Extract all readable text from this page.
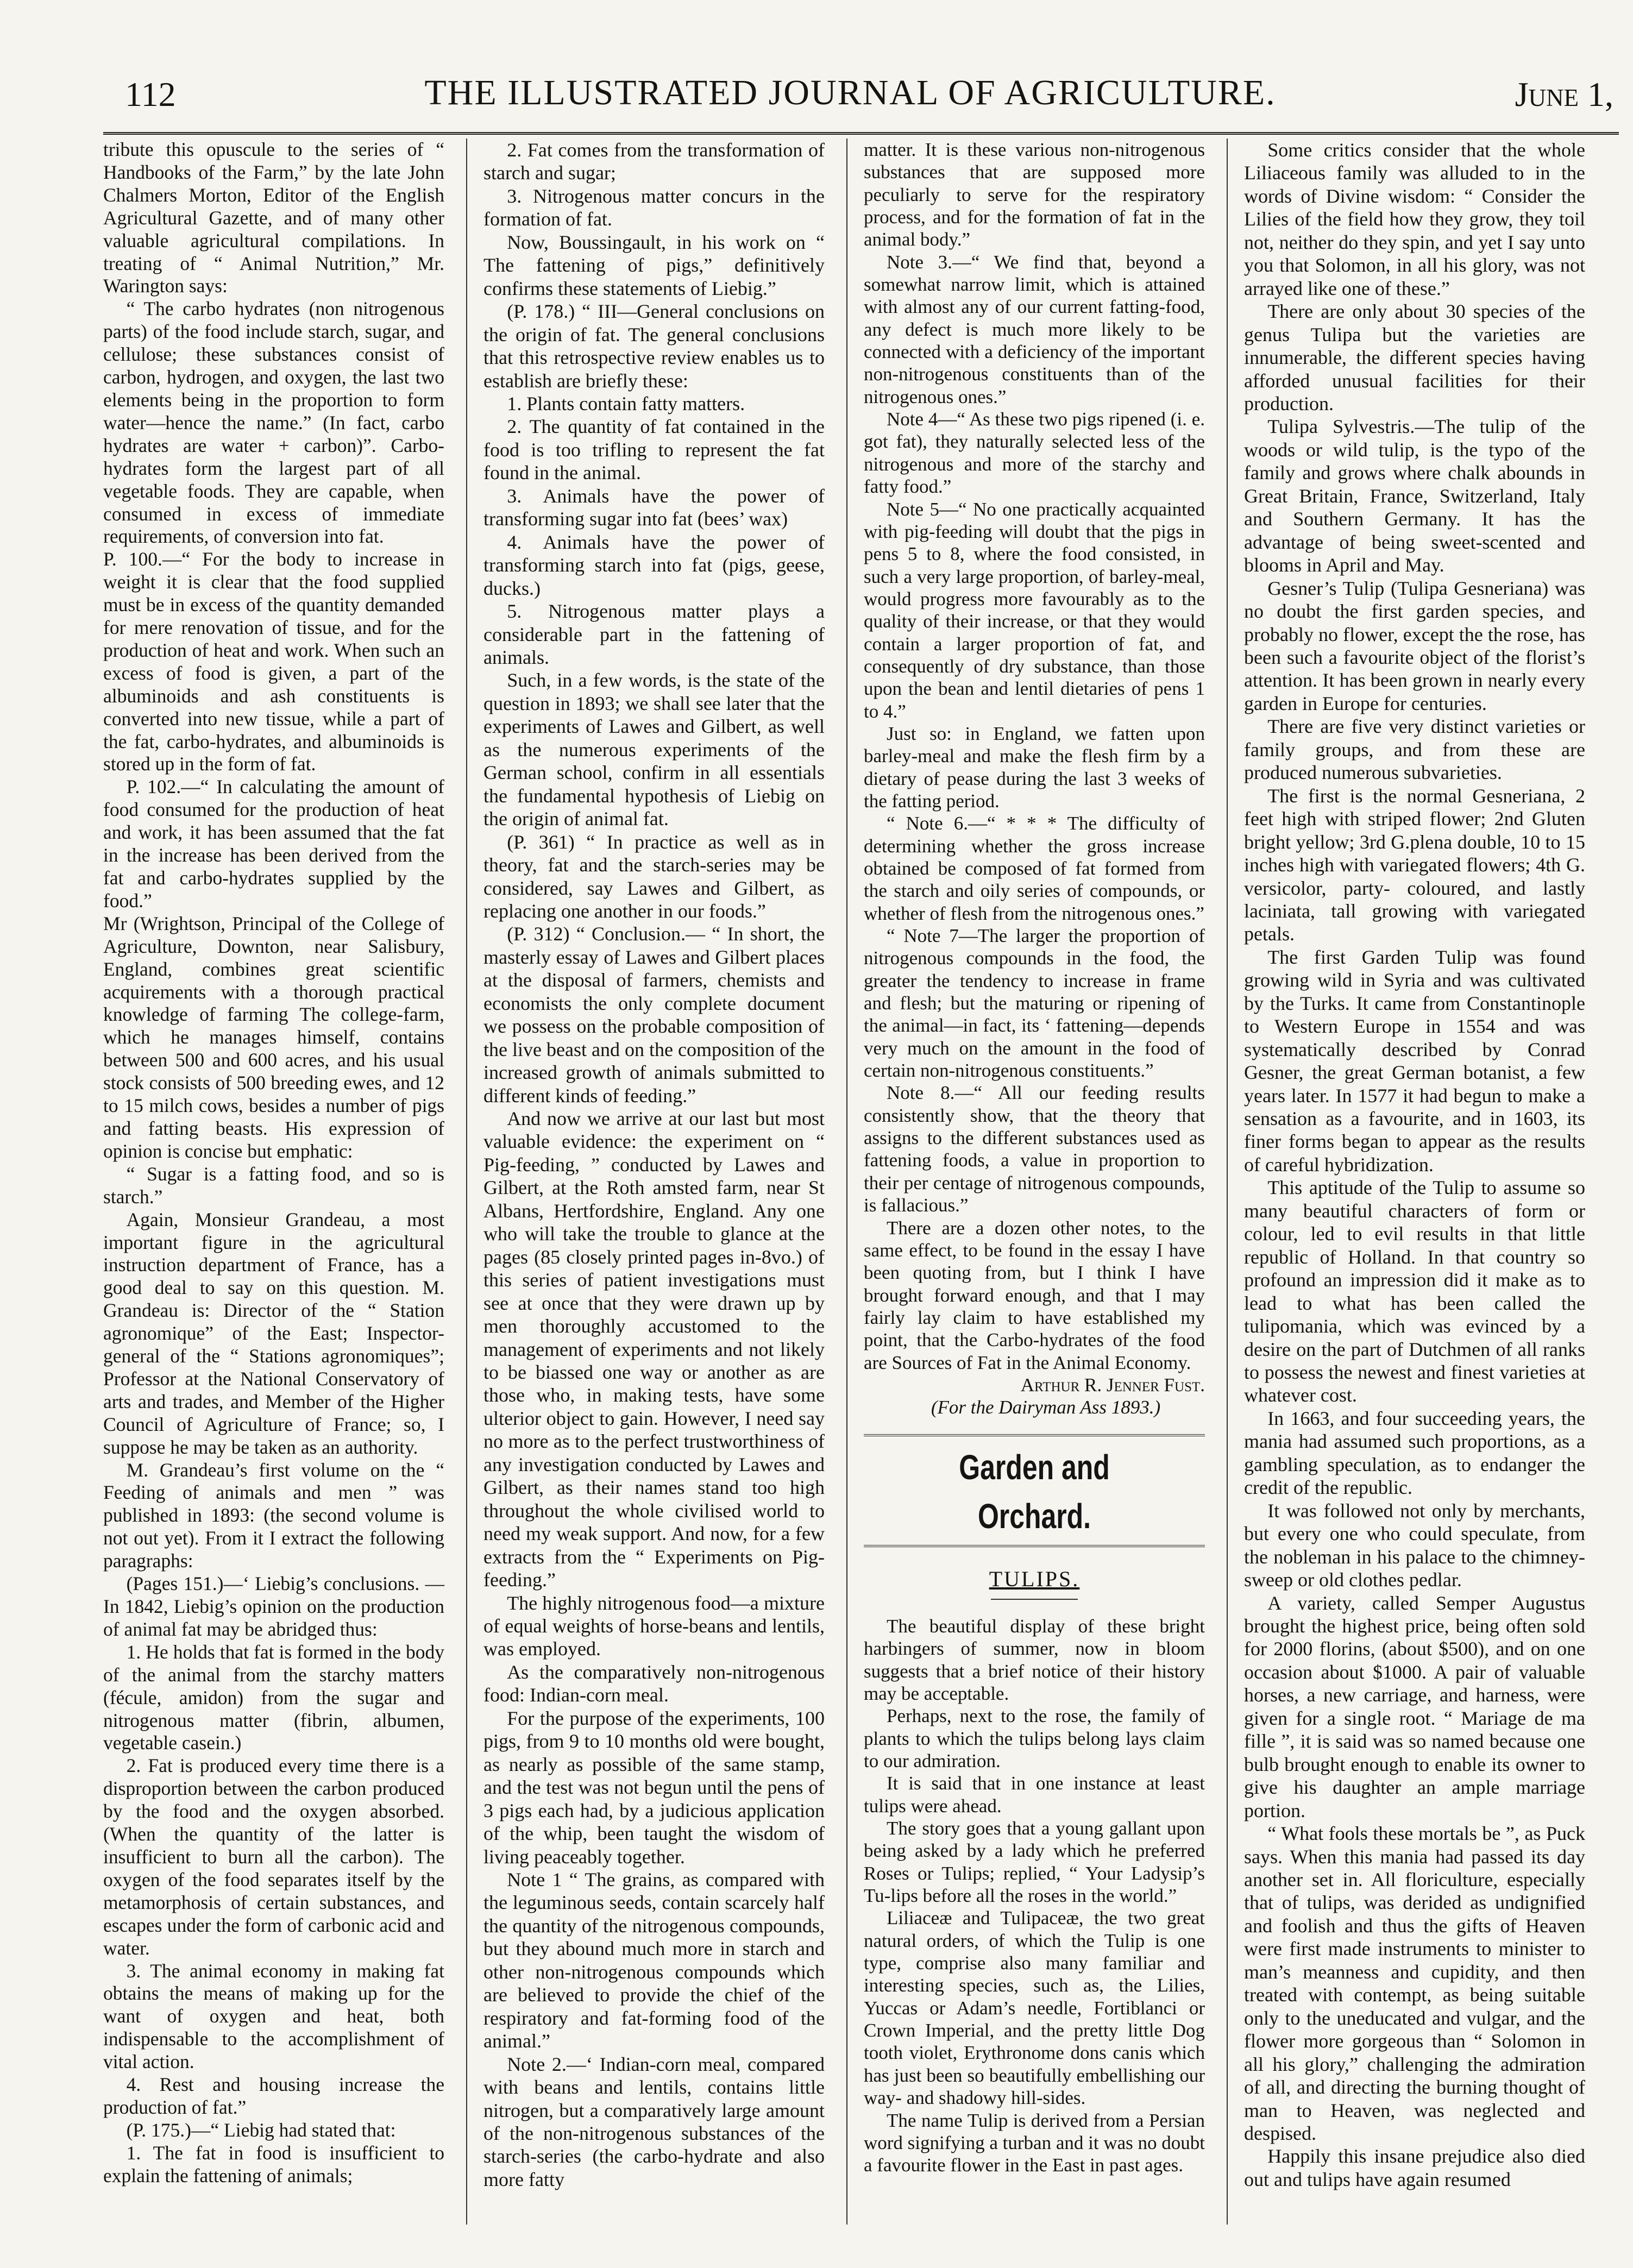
112	THE ILLUSTRATED JOURNAL OF AGRICULTURE.	June 1,

tribute this opuscule to the series of “ Handbooks of the Farm,” by the late John Chalmers Morton, Editor of the English Agricultural Gazette, and of many other valuable agricultural compilations. In treating of “ Animal Nutrition,” Mr. Warington says:

“ The carbo hydrates (non nitrogenous parts) of the food include starch, sugar, and cellulose; these substances consist of carbon, hydrogen, and oxygen, the last two elements being in the proportion to form water—hence the name.” (In fact, carbo hydrates are water + carbon)”. Carbo-hydrates form the largest part of all vegetable foods. They are capable, when consumed in excess of immediate requirements, of conversion into fat.

P. 100.—“ For the body to increase in weight it is clear that the food supplied must be in excess of the quantity demanded for mere renovation of tissue, and for the production of heat and work. When such an excess of food is given, a part of the albuminoids and ash constituents is converted into new tissue, while a part of the fat, carbo-hydrates, and albuminoids is stored up in the form of fat.

P. 102.—“ In calculating the amount of food consumed for the production of heat and work, it has been assumed that the fat in the increase has been derived from the fat and carbo-hydrates supplied by the food.”

Mr (Wrightson, Principal of the College of Agriculture, Downton, near Salisbury, England, combines great scientific acquirements with a thorough practical knowledge of farming The college-farm, which he manages himself, contains between 500 and 600 acres, and his usual stock consists of 500 breeding ewes, and 12 to 15 milch cows, besides a number of pigs and fatting beasts. His expression of opinion is concise but emphatic:

“ Sugar is a fatting food, and so is starch.”

Again, Monsieur Grandeau, a most important figure in the agricultural instruction department of France, has a good deal to say on this question. M. Grandeau is: Director of the “ Station agronomique” of the East; Inspector-general of the “ Stations agronomiques”; Professor at the National Conservatory of arts and trades, and Member of the Higher Council of Agriculture of France; so, I suppose he may be taken as an authority.

M. Grandeau’s first volume on the “ Feeding of animals and men ” was published in 1893: (the second volume is not out yet). From it I extract the following paragraphs:

(Pages 151.)—‘ Liebig’s conclusions. —In 1842, Liebig’s opinion on the production of animal fat may be abridged thus:

1. He holds that fat is formed in the body of the animal from the starchy matters (fécule, amidon) from the sugar and nitrogenous matter (fibrin, albumen, vegetable casein.)

2. Fat is produced every time there is a disproportion between the carbon produced by the food and the oxygen absorbed. (When the quantity of the latter is insufficient to burn all the carbon). The oxygen of the food separates itself by the metamorphosis of certain substances, and escapes under the form of carbonic acid and water.

3. The animal economy in making fat obtains the means of making up for the want of oxygen and heat, both indispensable to the accomplishment of vital action.

4. Rest and housing increase the production of fat.”

(P. 175.)—“ Liebig had stated that:

1. The fat in food is insufficient to explain the fattening of animals;

2. Fat comes from the transformation of starch and sugar;

3. Nitrogenous matter concurs in the formation of fat.

Now, Boussingault, in his work on “ The fattening of pigs,” definitively confirms these statements of Liebig.”

(P. 178.) “ III—General conclusions on the origin of fat. The general conclusions that this retrospective review enables us to establish are briefly these:

1. Plants contain fatty matters.

2. The quantity of fat contained in the food is too trifling to represent the fat found in the animal.

3. Animals have the power of transforming sugar into fat (bees’ wax)

4. Animals have the power of transforming starch into fat (pigs, geese, ducks.)

5. Nitrogenous matter plays a considerable part in the fattening of animals.

Such, in a few words, is the state of the question in 1893; we shall see later that the experiments of Lawes and Gilbert, as well as the numerous experiments of the German school, confirm in all essentials the fundamental hypothesis of Liebig on the origin of animal fat.

(P. 361) “ In practice as well as in theory, fat and the starch-series may be considered, say Lawes and Gilbert, as replacing one another in our foods.”

(P. 312) “ Conclusion.— “ In short, the masterly essay of Lawes and Gilbert places at the disposal of farmers, chemists and economists the only complete document we possess on the probable composition of the live beast and on the composition of the increased growth of animals submitted to different kinds of feeding.”

And now we arrive at our last but most valuable evidence: the experiment on “ Pig-feeding, ” conducted by Lawes and Gilbert, at the Roth amsted farm, near St Albans, Hertfordshire, England. Any one who will take the trouble to glance at the pages (85 closely printed pages in-8vo.) of this series of patient investigations must see at once that they were drawn up by men thoroughly accustomed to the management of experiments and not likely to be biassed one way or another as are those who, in making tests, have some ulterior object to gain. However, I need say no more as to the perfect trustworthiness of any investigation conducted by Lawes and Gilbert, as their names stand too high throughout the whole civilised world to need my weak support. And now, for a few extracts from the “ Experiments on Pig-feeding.”

The highly nitrogenous food—a mixture of equal weights of horse-beans and lentils, was employed.

As the comparatively non-nitrogenous food: Indian-corn meal.

For the purpose of the experiments, 100 pigs, from 9 to 10 months old were bought, as nearly as possible of the same stamp, and the test was not begun until the pens of 3 pigs each had, by a judicious application of the whip, been taught the wisdom of living peaceably together.

Note 1 “ The grains, as compared with the leguminous seeds, contain scarcely half the quantity of the nitrogenous compounds, but they abound much more in starch and other non-nitrogenous compounds which are believed to provide the chief of the respiratory and fat-forming food of the animal.”

Note 2.—‘ Indian-corn meal, compared with beans and lentils, contains little nitrogen, but a comparatively large amount of the non-nitrogenous substances of the starch-series (the carbo-hydrate and also more fatty

matter. It is these various non-nitrogenous substances that are supposed more peculiarly to serve for the respiratory process, and for the formation of fat in the animal body.”

Note 3.—“ We find that, beyond a somewhat narrow limit, which is attained with almost any of our current fatting-food, any defect is much more likely to be connected with a deficiency of the important non-nitrogenous constituents than of the nitrogenous ones.”

Note 4—“ As these two pigs ripened (i. e. got fat), they naturally selected less of the nitrogenous and more of the starchy and fatty food.”

Note 5—“ No one practically acquainted with pig-feeding will doubt that the pigs in pens 5 to 8, where the food consisted, in such a very large proportion, of barley-meal, would progress more favourably as to the quality of their increase, or that they would contain a larger proportion of fat, and consequently of dry substance, than those upon the bean and lentil dietaries of pens 1 to 4.”

Just so: in England, we fatten upon barley-meal and make the flesh firm by a dietary of pease during the last 3 weeks of the fatting period.

“ Note 6.—“ * * * The difficulty of determining whether the gross increase obtained be composed of fat formed from the starch and oily series of compounds, or whether of flesh from the nitrogenous ones.”

“ Note 7—The larger the proportion of nitrogenous compounds in the food, the greater the tendency to increase in frame and flesh; but the maturing or ripening of the animal—in fact, its ‘ fattening—depends very much on the amount in the food of certain non-nitrogenous constituents.”

Note 8.—“ All our feeding results consistently show, that the theory that assigns to the different substances used as fattening foods, a value in proportion to their per centage of nitrogenous compounds, is fallacious.”

There are a dozen other notes, to the same effect, to be found in the essay I have been quoting from, but I think I have brought forward enough, and that I may fairly lay claim to have established my point, that the Carbo-hydrates of the food are Sources of Fat in the Animal Economy.

Arthur R. Jenner Fust.

(For the Dairyman Ass 1893.)

Garden and Orchard.
TULIPS.

The beautiful display of these bright harbingers of summer, now in bloom suggests that a brief notice of their history may be acceptable.

Perhaps, next to the rose, the family of plants to which the tulips belong lays claim to our admiration.

It is said that in one instance at least tulips were ahead.

The story goes that a young gallant upon being asked by a lady which he preferred Roses or Tulips; replied, “ Your Ladysip’s Tu-lips before all the roses in the world.”

Liliaceæ and Tulipaceæ, the two great natural orders, of which the Tulip is one type, comprise also many familiar and interesting species, such as, the Lilies, Yuccas or Adam’s needle, Fortiblanci or Crown Imperial, and the pretty little Dog tooth violet, Erythronome dons canis which has just been so beautifully embellishing our way- and shadowy hill-sides.

The name Tulip is derived from a Persian word signifying a turban and it was no doubt a favourite flower in the East in past ages.

Some critics consider that the whole Liliaceous family was alluded to in the words of Divine wisdom: “ Consider the Lilies of the field how they grow, they toil not, neither do they spin, and yet I say unto you that Solomon, in all his glory, was not arrayed like one of these.”

There are only about 30 species of the genus Tulipa but the varieties are innumerable, the different species having afforded unusual facilities for their production.

Tulipa Sylvestris.—The tulip of the woods or wild tulip, is the typo of the family and grows where chalk abounds in Great Britain, France, Switzerland, Italy and Southern Germany. It has the advantage of being sweet-scented and blooms in April and May.

Gesner’s Tulip (Tulipa Gesneriana) was no doubt the first garden species, and probably no flower, except the the rose, has been such a favourite object of the florist’s attention. It has been grown in nearly every garden in Europe for centuries.

There are five very distinct varieties or family groups, and from these are produced numerous subvarieties.

The first is the normal Gesneriana, 2 feet high with striped flower; 2nd Gluten bright yellow; 3rd G.plena double, 10 to 15 inches high with variegated flowers; 4th G. versicolor, party- coloured, and lastly laciniata, tall growing with variegated petals.

The first Garden Tulip was found growing wild in Syria and was cultivated by the Turks. It came from Constantinople to Western Europe in 1554 and was systematically described by Conrad Gesner, the great German botanist, a few years later. In 1577 it had begun to make a sensation as a favourite, and in 1603, its finer forms began to appear as the results of careful hybridization.

This aptitude of the Tulip to assume so many beautiful characters of form or colour, led to evil results in that little republic of Holland. In that country so profound an impression did it make as to lead to what has been called the tulipomania, which was evinced by a desire on the part of Dutchmen of all ranks to possess the newest and finest varieties at whatever cost.

In 1663, and four succeeding years, the mania had assumed such proportions, as a gambling speculation, as to endanger the credit of the republic.

It was followed not only by merchants, but every one who could speculate, from the nobleman in his palace to the chimney-sweep or old clothes pedlar.

A variety, called Semper Augustus brought the highest price, being often sold for 2000 florins, (about $500), and on one occasion about $1000. A pair of valuable horses, a new carriage, and harness, were given for a single root. “ Mariage de ma fille ”, it is said was so named because one bulb brought enough to enable its owner to give his daughter an ample marriage portion.

“ What fools these mortals be ”, as Puck says. When this mania had passed its day another set in. All floriculture, especially that of tulips, was derided as undignified and foolish and thus the gifts of Heaven were first made instruments to minister to man’s meanness and cupidity, and then treated with contempt, as being suitable only to the uneducated and vulgar, and the flower more gorgeous than “ Solomon in all his glory,” challenging the admiration of all, and directing the burning thought of man to Heaven, was neglected and despised.

Happily this insane prejudice also died out and tulips have again resumed
